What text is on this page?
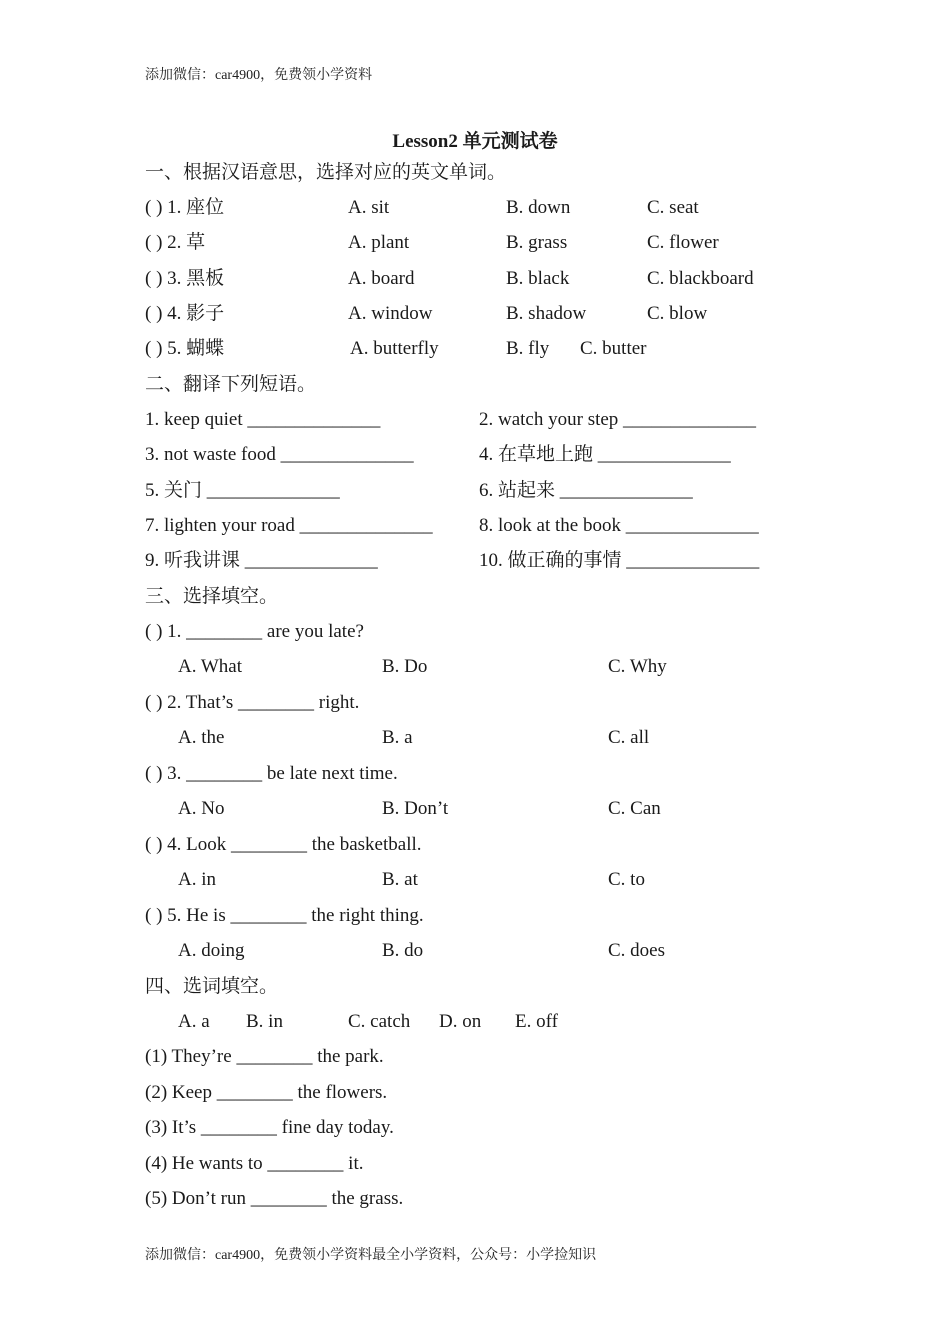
添加微信：car4900，免费领小学资料
Lesson2 单元测试卷
一、根据汉语意思，选择对应的英文单词。
( ) 1. 座位	A. sit	B. down	C. seat
( ) 2. 草	A. plant	B. grass	C. flower
( ) 3. 黑板	A. board	B. black	C. blackboard
( ) 4. 影子	A. window	B. shadow	C. blow
( ) 5. 蝴蝶	A. butterfly	B. fly C. butter
二、翻译下列短语。
1. keep quiet ______________	2. watch your step ______________
3. not waste food ______________	4. 在草地上跑 ______________
5. 关门 ______________	6. 站起来 ______________
7. lighten your road ______________ 8. look at the book ______________
9. 听我讲课 ______________	10. 做正确的事情 ______________
三、选择填空。
( ) 1. ________ are you late?
A. What	B. Do	C. Why
( ) 2. That’s ________ right.
A. the	B. a	C. all
( ) 3. ________ be late next time.
A. No	B. Don’t	C. Can
( ) 4. Look ________ the basketball.
A. in	B. at	C. to
( ) 5. He is ________ the right thing.
A. doing	B. do	C. does
四、选词填空。
A. a B. in	C. catch D. on E. off
(1) They’re ________ the park.
(2) Keep ________ the flowers.
(3) It’s ________ fine day today.
(4) He wants to ________ it.
(5) Don’t run ________ the grass.
添加微信：car4900，免费领小学资料最全小学资料，公众号：小学捡知识
